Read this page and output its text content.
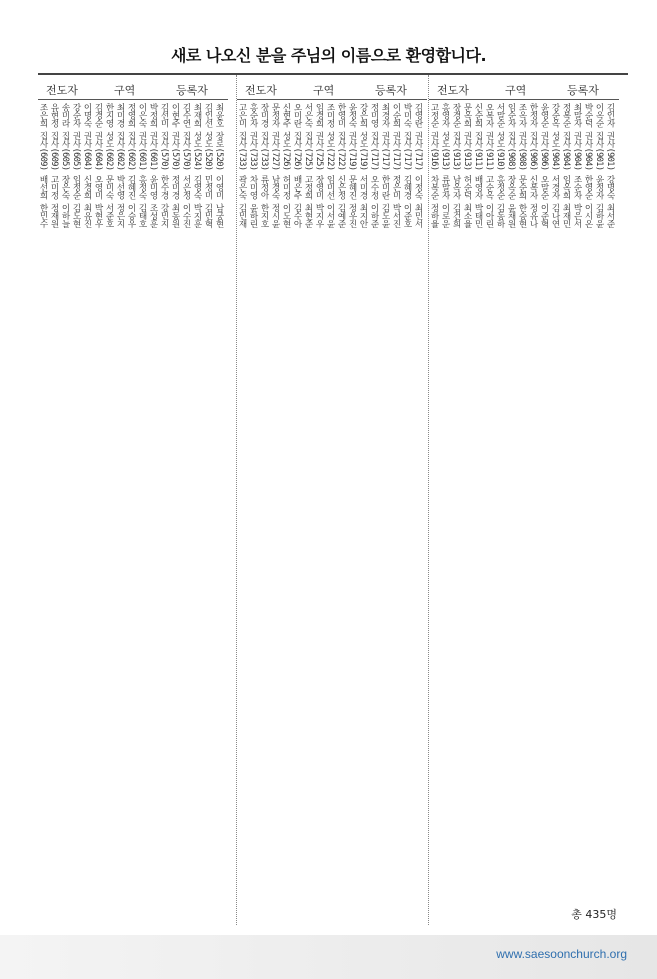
새로 나오신 분을 주님의 이름으로 환영합니다.
전도자	구역	등록자
최윤호 장로(520) 이영미 남궁현
김인선 성도(520) 민정미 김민혁
최재희 성도(524) 김영숙 박지훈
김수연 집사(570) 서은정 이수진
이현주 권사(570) 정미경 최동원
김선미 집사(570) 한수경 강민지
박정희 권사(601) 윤미영 조성훈
이은숙 권사(601) 홍정숙 김태호
정영희 집사(602) 김혜진 이승우
최미경 집사(602) 박선영 정은지
한지영 성도(602) 문미숙 서준호
김경순 권사(604) 오영미 박현우
이명숙 권사(604) 신경희 최유진
강순자 권사(605) 임정순 김도현
송미라 집사(605) 장은숙 이하늘
유현정 집사(609) 고미정 정재원
조은희 집사(609) 배선희 한민수
전도자	구역	등록자
김영란 권사(717) 이정숙 최민서
박미숙 집사(717) 김혜경 이준호
이순희 권사(717) 정은미 박서진
최경자 권사(717) 한미란 김도윤
정미영 집사(717) 오수정 이하준
강은희 성도(719) 서미경 최지안
윤정숙 권사(719) 문혜진 정우진
한영미 집사(722) 신은정 김예준
조미정 성도(722) 임미선 이서윤
임경희 권사(725) 장영미 박지우
서은숙 집사(725) 고정희 최현준
오미란 집사(726) 배은주 김수아
신현주 성도(726) 허미정 이도현
문정자 권사(727) 남경숙 정시윤
장미경 집사(733) 류정아 한지호
홍순자 권사(733) 차미영 윤하린
고은미 집사(733) 곽은숙 김민재
전도자	구역	등록자
김인자 권사(901) 강명숙 최서준
이옥순 집사(901) 윤정자 김하윤
박순덕 권사(904) 한영순 이시온
최말자 권사(904) 조순자 박은서
정복순 집사(904) 임옥희 최재민
강순옥 성도(904) 서경자 김나연
윤영순 권사(906) 오말순 이준혁
한정자 집사(906) 신복자 정유나
조옥자 권사(908) 문순희 한승현
임순자 집사(908) 장옥순 윤채원
서말순 성도(910) 홍정순 김동하
오복자 권사(911) 고순옥 이아린
신순희 집사(911) 배영자 박태민
문옥희 권사(913) 허순덕 최소율
장경순 집사(913) 남옥자 김건희
홍영자 성도(913) 류말자 이로운
고정순 권사(916) 차복순 정하율
총 435명
www.saesoonchurch.org
